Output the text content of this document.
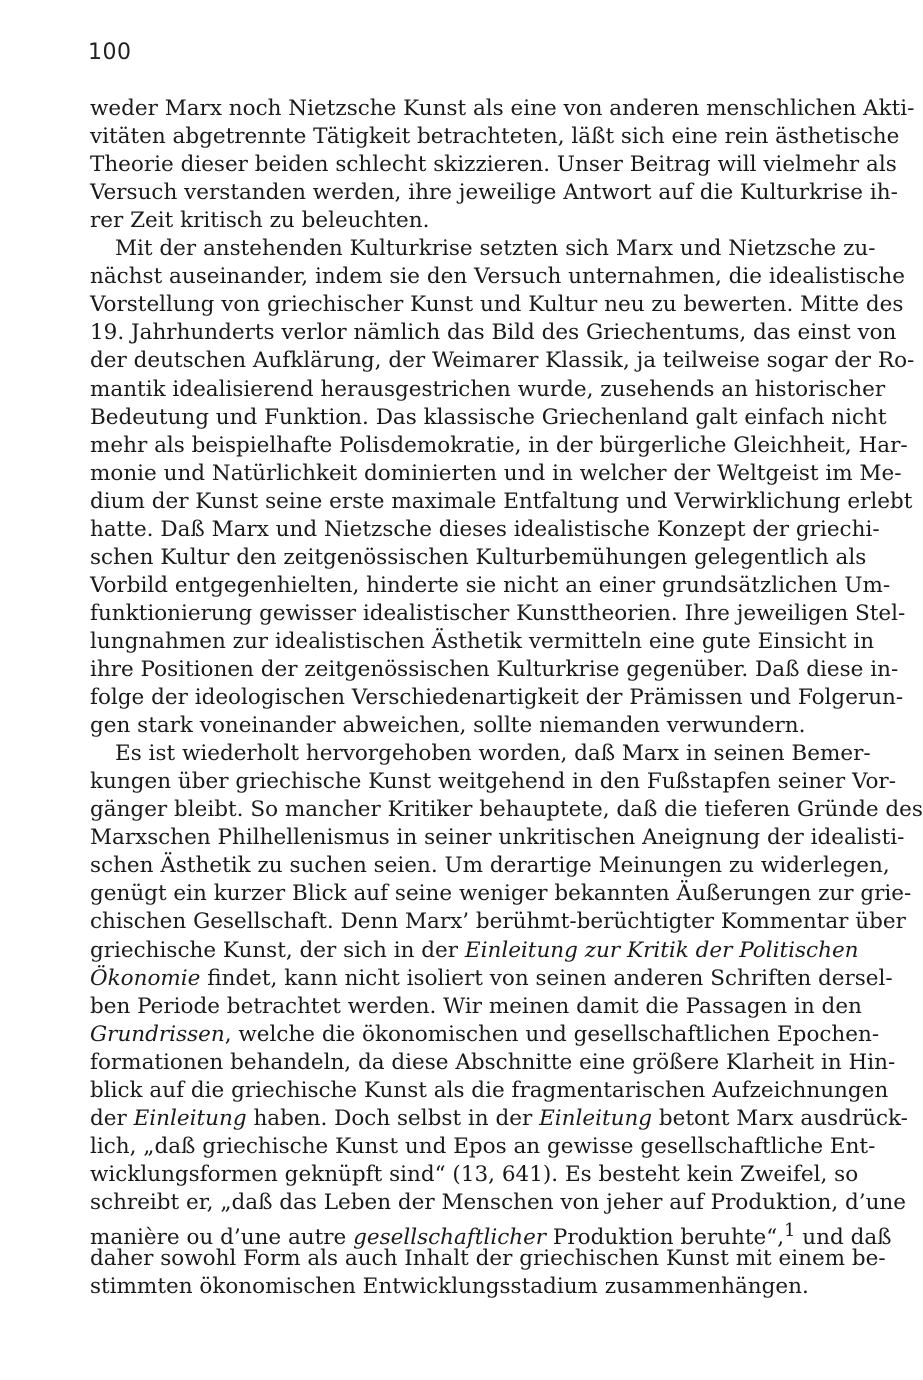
100
weder Marx noch Nietzsche Kunst als eine von anderen menschlichen Akti-
vitäten abgetrennte Tätigkeit betrachteten, läßt sich eine rein ästhetische
Theorie dieser beiden schlecht skizzieren. Unser Beitrag will vielmehr als
Versuch verstanden werden, ihre jeweilige Antwort auf die Kulturkrise ih-
rer Zeit kritisch zu beleuchten.
Mit der anstehenden Kulturkrise setzten sich Marx und Nietzsche zu-
nächst auseinander, indem sie den Versuch unternahmen, die idealistische
Vorstellung von griechischer Kunst und Kultur neu zu bewerten. Mitte des
19. Jahrhunderts verlor nämlich das Bild des Griechentums, das einst von
der deutschen Aufklärung, der Weimarer Klassik, ja teilweise sogar der Ro-
mantik idealisierend herausgestrichen wurde, zusehends an historischer
Bedeutung und Funktion. Das klassische Griechenland galt einfach nicht
mehr als beispielhafte Polisdemokratie, in der bürgerliche Gleichheit, Har-
monie und Natürlichkeit dominierten und in welcher der Weltgeist im Me-
dium der Kunst seine erste maximale Entfaltung und Verwirklichung erlebt
hatte. Daß Marx und Nietzsche dieses idealistische Konzept der griechi-
schen Kultur den zeitgenössischen Kulturbemühungen gelegentlich als
Vorbild entgegenhielten, hinderte sie nicht an einer grundsätzlichen Um-
funktionierung gewisser idealistischer Kunsttheorien. Ihre jeweiligen Stel-
lungnahmen zur idealistischen Ästhetik vermitteln eine gute Einsicht in
ihre Positionen der zeitgenössischen Kulturkrise gegenüber. Daß diese in-
folge der ideologischen Verschiedenartigkeit der Prämissen und Folgerun-
gen stark voneinander abweichen, sollte niemanden verwundern.
Es ist wiederholt hervorgehoben worden, daß Marx in seinen Bemer-
kungen über griechische Kunst weitgehend in den Fußstapfen seiner Vor-
gänger bleibt. So mancher Kritiker behauptete, daß die tieferen Gründe des
Marxschen Philhellenismus in seiner unkritischen Aneignung der idealisti-
schen Ästhetik zu suchen seien. Um derartige Meinungen zu widerlegen,
genügt ein kurzer Blick auf seine weniger bekannten Äußerungen zur grie-
chischen Gesellschaft. Denn Marx’ berühmt-berüchtigter Kommentar über
griechische Kunst, der sich in der Einleitung zur Kritik der Politischen
Ökonomie findet, kann nicht isoliert von seinen anderen Schriften dersel-
ben Periode betrachtet werden. Wir meinen damit die Passagen in den
Grundrissen, welche die ökonomischen und gesellschaftlichen Epochen-
formationen behandeln, da diese Abschnitte eine größere Klarheit in Hin-
blick auf die griechische Kunst als die fragmentarischen Aufzeichnungen
der Einleitung haben. Doch selbst in der Einleitung betont Marx ausdrück-
lich, „daß griechische Kunst und Epos an gewisse gesellschaftliche Ent-
wicklungsformen geknüpft sind“ (13, 641). Es besteht kein Zweifel, so
schreibt er, „daß das Leben der Menschen von jeher auf Produktion, d’une
manière ou d’une autre gesellschaftlicher Produktion beruhte“,$^1$ und daß
daher sowohl Form als auch Inhalt der griechischen Kunst mit einem be-
stimmten ökonomischen Entwicklungsstadium zusammenhängen.
